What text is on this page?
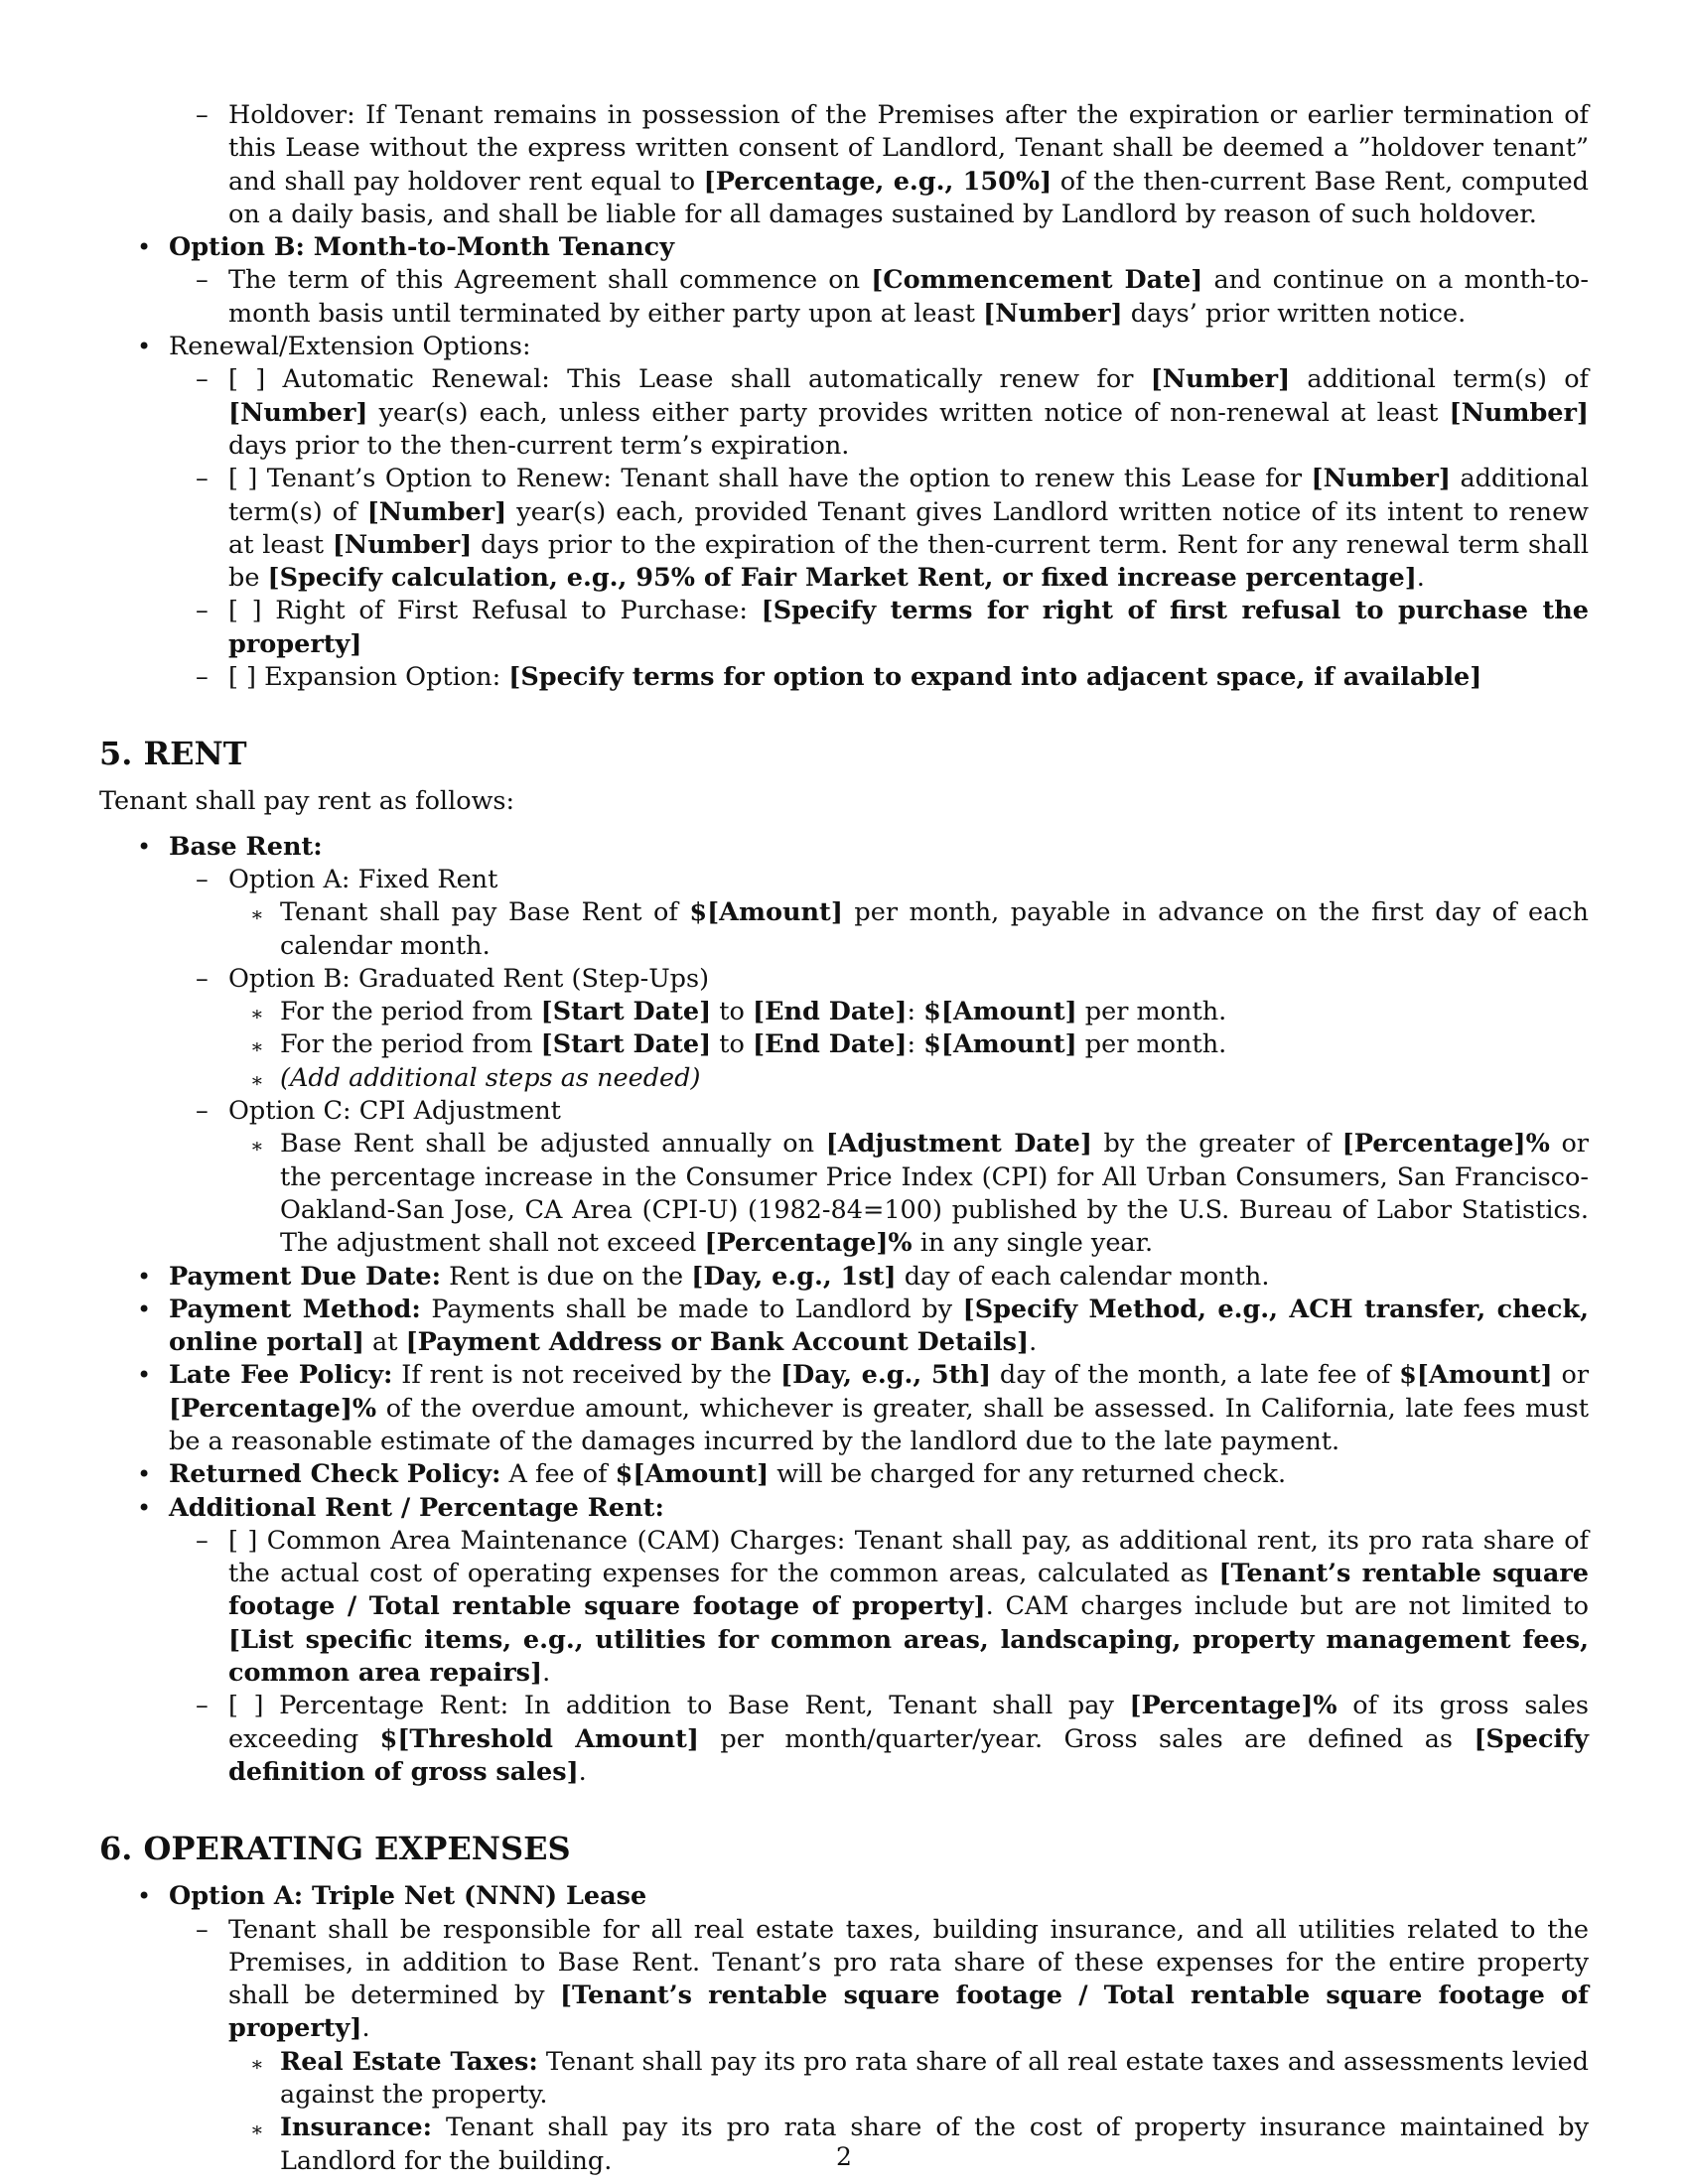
– Holdover: If Tenant remains in possession of the Premises after the expiration or earlier termination of this Lease without the express written consent of Landlord, Tenant shall be deemed a ”holdover tenant” and shall pay holdover rent equal to [Percentage, e.g., 150%] of the then-current Base Rent, computed on a daily basis, and shall be liable for all damages sustained by Landlord by reason of such holdover.
• Option B: Month-to-Month Tenancy
– The term of this Agreement shall commence on [Commencement Date] and continue on a month-to-month basis until terminated by either party upon at least [Number] days’ prior written notice.
• Renewal/Extension Options:
– [ ] Automatic Renewal: This Lease shall automatically renew for [Number] additional term(s) of [Number] year(s) each, unless either party provides written notice of non-renewal at least [Number] days prior to the then-current term’s expiration.
– [ ] Tenant’s Option to Renew: Tenant shall have the option to renew this Lease for [Number] additional term(s) of [Number] year(s) each, provided Tenant gives Landlord written notice of its intent to renew at least [Number] days prior to the expiration of the then-current term. Rent for any renewal term shall be [Specify calculation, e.g., 95% of Fair Market Rent, or fixed increase percentage].
– [ ] Right of First Refusal to Purchase: [Specify terms for right of first refusal to purchase the property]
– [ ] Expansion Option: [Specify terms for option to expand into adjacent space, if available]
5. RENT
Tenant shall pay rent as follows:
• Base Rent:
– Option A: Fixed Rent
∗ Tenant shall pay Base Rent of $[Amount] per month, payable in advance on the first day of each calendar month.
– Option B: Graduated Rent (Step-Ups)
∗ For the period from [Start Date] to [End Date]: $[Amount] per month.
∗ For the period from [Start Date] to [End Date]: $[Amount] per month.
∗ (Add additional steps as needed)
– Option C: CPI Adjustment
∗ Base Rent shall be adjusted annually on [Adjustment Date] by the greater of [Percentage]% or the percentage increase in the Consumer Price Index (CPI) for All Urban Consumers, San Francisco-Oakland-San Jose, CA Area (CPI-U) (1982-84=100) published by the U.S. Bureau of Labor Statistics. The adjustment shall not exceed [Percentage]% in any single year.
• Payment Due Date: Rent is due on the [Day, e.g., 1st] day of each calendar month.
• Payment Method: Payments shall be made to Landlord by [Specify Method, e.g., ACH transfer, check, online portal] at [Payment Address or Bank Account Details].
• Late Fee Policy: If rent is not received by the [Day, e.g., 5th] day of the month, a late fee of $[Amount] or [Percentage]% of the overdue amount, whichever is greater, shall be assessed. In California, late fees must be a reasonable estimate of the damages incurred by the landlord due to the late payment.
• Returned Check Policy: A fee of $[Amount] will be charged for any returned check.
• Additional Rent / Percentage Rent:
– [ ] Common Area Maintenance (CAM) Charges: Tenant shall pay, as additional rent, its pro rata share of the actual cost of operating expenses for the common areas, calculated as [Tenant’s rentable square footage / Total rentable square footage of property]. CAM charges include but are not limited to [List specific items, e.g., utilities for common areas, landscaping, property management fees, common area repairs].
– [ ] Percentage Rent: In addition to Base Rent, Tenant shall pay [Percentage]% of its gross sales exceeding $[Threshold Amount] per month/quarter/year. Gross sales are defined as [Specify definition of gross sales].
6. OPERATING EXPENSES
• Option A: Triple Net (NNN) Lease
– Tenant shall be responsible for all real estate taxes, building insurance, and all utilities related to the Premises, in addition to Base Rent. Tenant’s pro rata share of these expenses for the entire property shall be determined by [Tenant’s rentable square footage / Total rentable square footage of property].
∗ Real Estate Taxes: Tenant shall pay its pro rata share of all real estate taxes and assessments levied against the property.
∗ Insurance: Tenant shall pay its pro rata share of the cost of property insurance maintained by Landlord for the building.	2
